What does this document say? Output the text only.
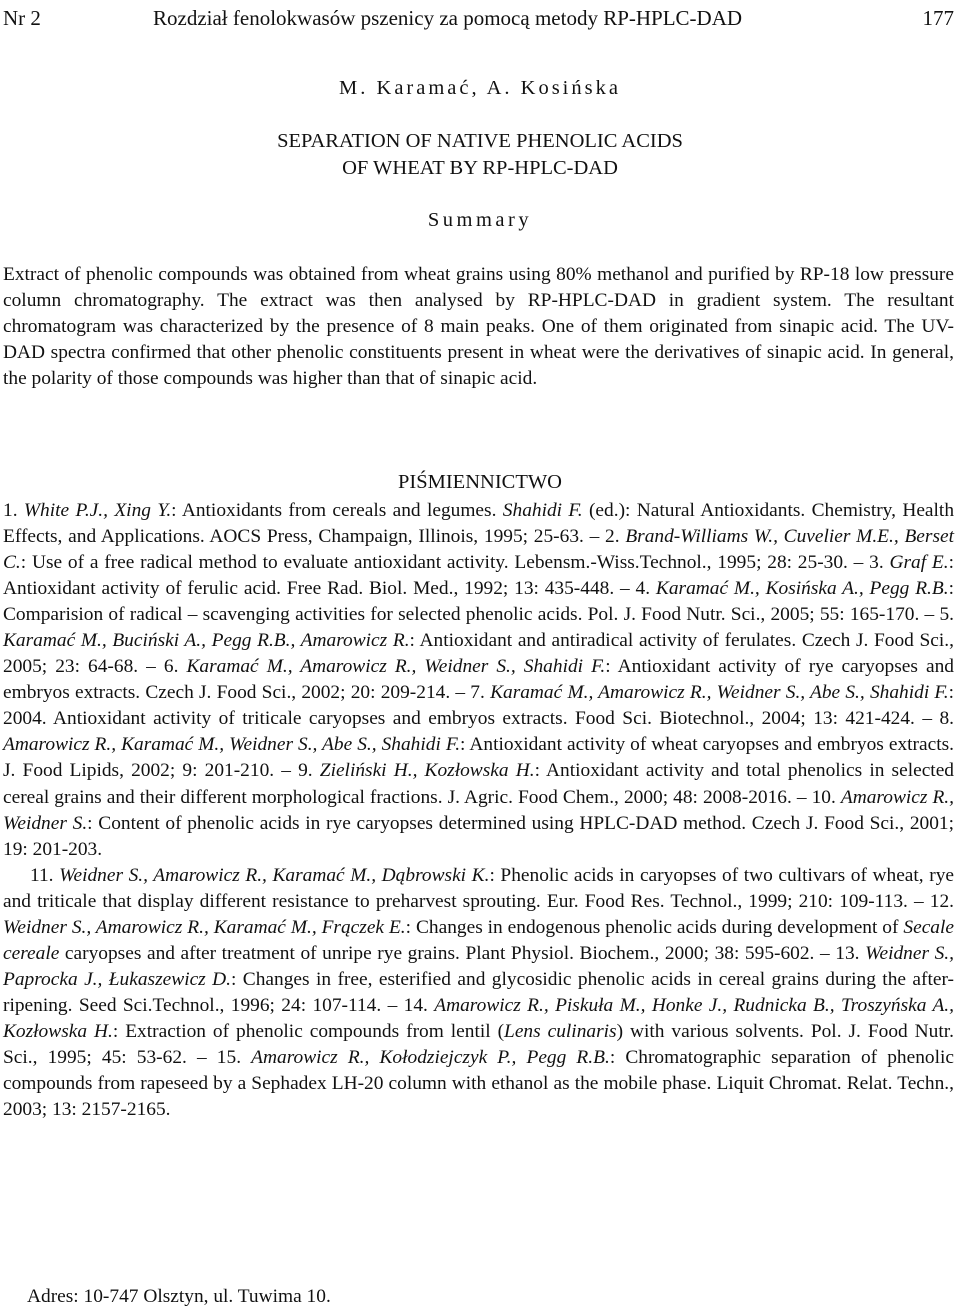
Nr 2	Rozdział fenolokwasów pszenicy za pomocą metody RP-HPLC-DAD	177
M. Karamać, A. Kosińska
SEPARATION OF NATIVE PHENOLIC ACIDS
OF WHEAT BY RP-HPLC-DAD
Summary
Extract of phenolic compounds was obtained from wheat grains using 80% methanol and purified by RP-18 low pressure column chromatography. The extract was then analysed by RP-HPLC-DAD in gradient system. The resultant chromatogram was characterized by the presence of 8 main peaks. One of them originated from sinapic acid. The UV-DAD spectra confirmed that other phenolic constituents present in wheat were the derivatives of sinapic acid. In general, the polarity of those compounds was higher than that of sinapic acid.
PIŚMIENNICTWO

1. White P.J., Xing Y.: Antioxidants from cereals and legumes. Shahidi F. (ed.): Natural Antioxidants. Chemistry, Health Effects, and Applications. AOCS Press, Champaign, Illinois, 1995; 25-63. – 2. Brand-Williams W., Cuvelier M.E., Berset C.: Use of a free radical method to evaluate antioxidant activity. Lebensm.-Wiss.Technol., 1995; 28: 25-30. – 3. Graf E.: Antioxidant activity of ferulic acid. Free Rad. Biol. Med., 1992; 13: 435-448. – 4. Karamać M., Kosińska A., Pegg R.B.: Comparision of radical – scavenging activities for selected phenolic acids. Pol. J. Food Nutr. Sci., 2005; 55: 165-170. – 5. Karamać M., Buciński A., Pegg R.B., Amarowicz R.: Antioxidant and antiradical activity of ferulates. Czech J. Food Sci., 2005; 23: 64-68. – 6. Karamać M., Amarowicz R., Weidner S., Shahidi F.: Antioxidant activity of rye caryopses and embryos extracts. Czech J. Food Sci., 2002; 20: 209-214. – 7. Karamać M., Amarowicz R., Weidner S., Abe S., Shahidi F.: 2004. Antioxidant activity of triticale caryopses and embryos extracts. Food Sci. Biotechnol., 2004; 13: 421-424. – 8. Amarowicz R., Karamać M., Weidner S., Abe S., Shahidi F.: Antioxidant activity of wheat caryopses and embryos extracts. J. Food Lipids, 2002; 9: 201-210. – 9. Zieliński H., Kozłowska H.: Antioxidant activity and total phenolics in selected cereal grains and their different morphological fractions. J. Agric. Food Chem., 2000; 48: 2008-2016. – 10. Amarowicz R., Weidner S.: Content of phenolic acids in rye caryopses determined using HPLC-DAD method. Czech J. Food Sci., 2001; 19: 201-203.

11. Weidner S., Amarowicz R., Karamać M., Dąbrowski K.: Phenolic acids in caryopses of two cultivars of wheat, rye and triticale that display different resistance to preharvest sprouting. Eur. Food Res. Technol., 1999; 210: 109-113. – 12. Weidner S., Amarowicz R., Karamać M., Frączek E.: Changes in endogenous phenolic acids during development of Secale cereale caryopses and after treatment of unripe rye grains. Plant Physiol. Biochem., 2000; 38: 595-602. – 13. Weidner S., Paprocka J., Łukaszewicz D.: Changes in free, esterified and glycosidic phenolic acids in cereal grains during the after-ripening. Seed Sci.Technol., 1996; 24: 107-114. – 14. Amarowicz R., Piskuła M., Honke J., Rudnicka B., Troszyńska A., Kozłowska H.: Extraction of phenolic compounds from lentil (Lens culinaris) with various solvents. Pol. J. Food Nutr. Sci., 1995; 45: 53-62. – 15. Amarowicz R., Kołodziejczyk P., Pegg R.B.: Chromatographic separation of phenolic compounds from rapeseed by a Sephadex LH-20 column with ethanol as the mobile phase. Liquit Chromat. Relat. Techn., 2003; 13: 2157-2165.

Adres: 10-747 Olsztyn, ul. Tuwima 10.
